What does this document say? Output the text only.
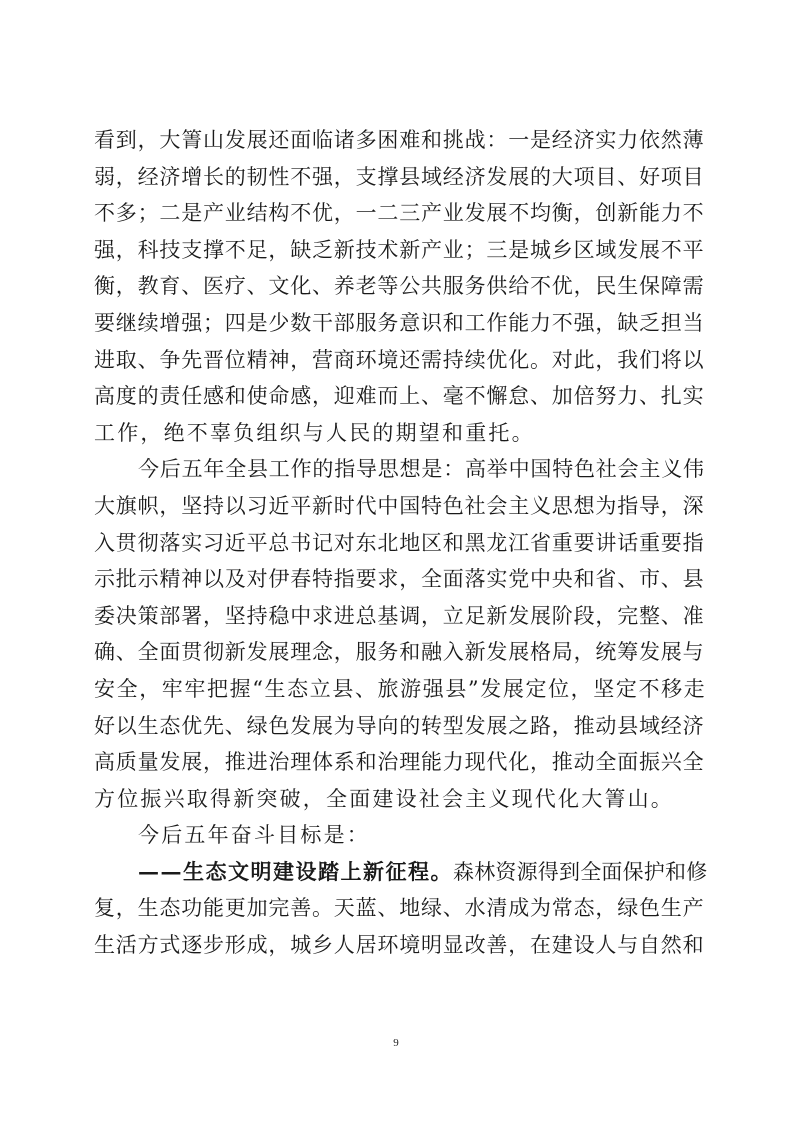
看到，大箐山发展还面临诸多困难和挑战：一是经济实力依然薄
弱，经济增长的韧性不强，支撑县域经济发展的大项目、好项目
不多；二是产业结构不优，一二三产业发展不均衡，创新能力不
强，科技支撑不足，缺乏新技术新产业；三是城乡区域发展不平
衡，教育、医疗、文化、养老等公共服务供给不优，民生保障需
要继续增强；四是少数干部服务意识和工作能力不强，缺乏担当
进取、争先晋位精神，营商环境还需持续优化。对此，我们将以
高度的责任感和使命感，迎难而上、毫不懈怠、加倍努力、扎实
工作，绝不辜负组织与人民的期望和重托。
今后五年全县工作的指导思想是：高举中国特色社会主义伟
大旗帜，坚持以习近平新时代中国特色社会主义思想为指导，深
入贯彻落实习近平总书记对东北地区和黑龙江省重要讲话重要指
示批示精神以及对伊春特指要求，全面落实党中央和省、市、县
委决策部署，坚持稳中求进总基调，立足新发展阶段，完整、准
确、全面贯彻新发展理念，服务和融入新发展格局，统筹发展与
安全，牢牢把握“生态立县、旅游强县”发展定位，坚定不移走
好以生态优先、绿色发展为导向的转型发展之路，推动县域经济
高质量发展，推进治理体系和治理能力现代化，推动全面振兴全
方位振兴取得新突破，全面建设社会主义现代化大箐山。
今后五年奋斗目标是：
——生态文明建设踏上新征程。森林资源得到全面保护和修
复，生态功能更加完善。天蓝、地绿、水清成为常态，绿色生产
生活方式逐步形成，城乡人居环境明显改善，在建设人与自然和
9
